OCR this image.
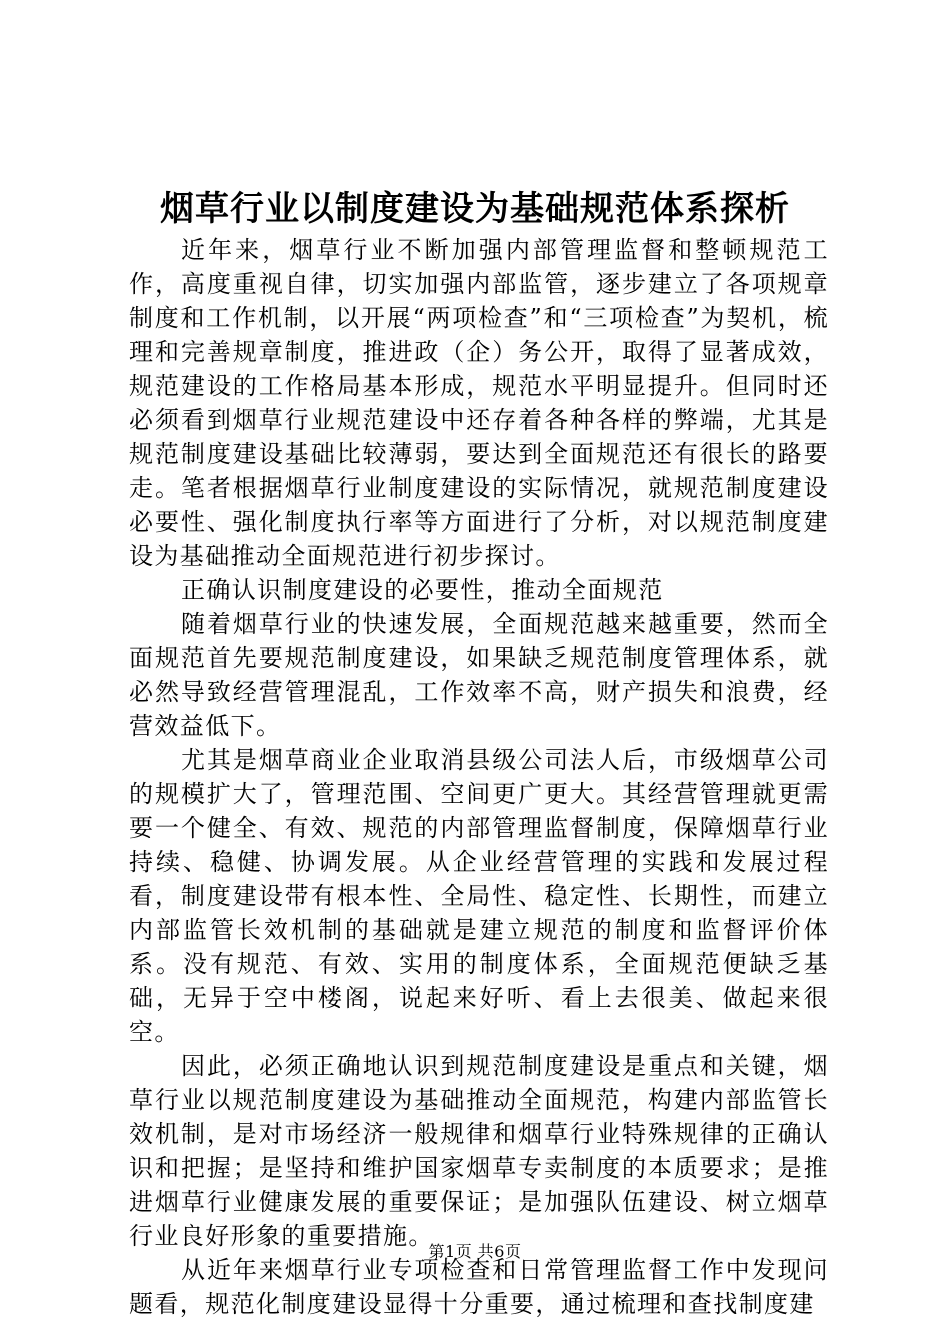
烟草行业以制度建设为基础规范体系探析

近年来，烟草行业不断加强内部管理监督和整顿规范工作，高度重视自律，切实加强内部监管，逐步建立了各项规章制度和工作机制，以开展“两项检查”和“三项检查”为契机，梳理和完善规章制度，推进政（企）务公开，取得了显著成效，规范建设的工作格局基本形成，规范水平明显提升。但同时还必须看到烟草行业规范建设中还存着各种各样的弊端，尤其是规范制度建设基础比较薄弱，要达到全面规范还有很长的路要走。笔者根据烟草行业制度建设的实际情况，就规范制度建设必要性、强化制度执行率等方面进行了分析，对以规范制度建设为基础推动全面规范进行初步探讨。

正确认识制度建设的必要性，推动全面规范

随着烟草行业的快速发展，全面规范越来越重要，然而全面规范首先要规范制度建设，如果缺乏规范制度管理体系，就必然导致经营管理混乱，工作效率不高，财产损失和浪费，经营效益低下。

尤其是烟草商业企业取消县级公司法人后，市级烟草公司的规模扩大了，管理范围、空间更广更大。其经营管理就更需要一个健全、有效、规范的内部管理监督制度，保障烟草行业持续、稳健、协调发展。从企业经营管理的实践和发展过程看，制度建设带有根本性、全局性、稳定性、长期性，而建立内部监管长效机制的基础就是建立规范的制度和监督评价体系。没有规范、有效、实用的制度体系，全面规范便缺乏基础，无异于空中楼阁，说起来好听、看上去很美、做起来很空。

因此，必须正确地认识到规范制度建设是重点和关键，烟草行业以规范制度建设为基础推动全面规范，构建内部监管长效机制，是对市场经济一般规律和烟草行业特殊规律的正确认识和把握；是坚持和维护国家烟草专卖制度的本质要求；是推进烟草行业健康发展的重要保证；是加强队伍建设、树立烟草行业良好形象的重要措施。

从近年来烟草行业专项检查和日常管理监督工作中发现问题看，规范化制度建设显得十分重要，通过梳理和查找制度建

第1页 共6页
